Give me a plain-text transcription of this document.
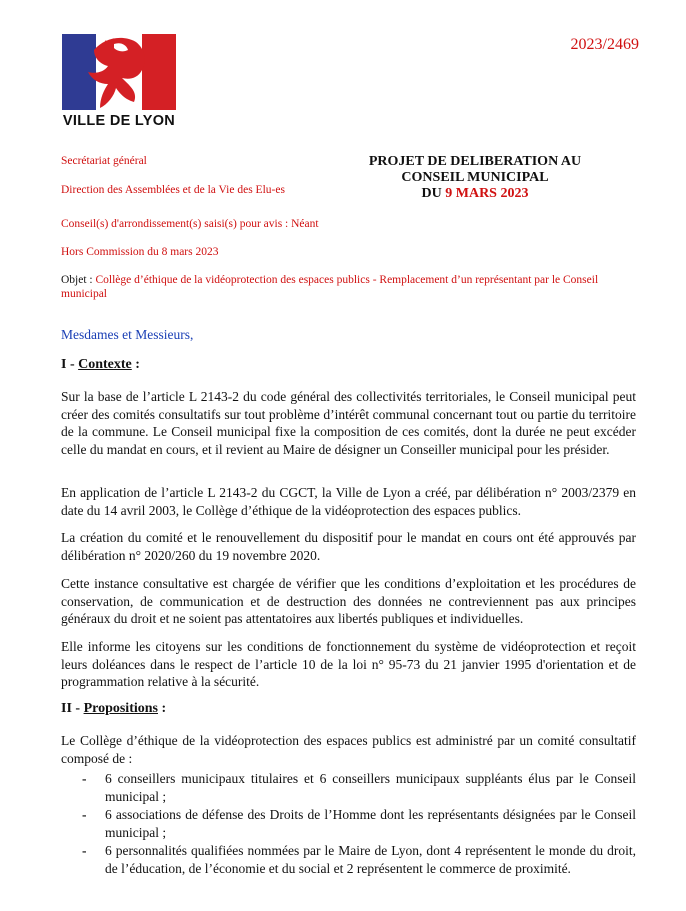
VILLE DE LYON
2023/2469
Secrétariat général
Direction des Assemblées et de la Vie des Elu-es
Conseil(s) d'arrondissement(s) saisi(s) pour avis : Néant
Hors Commission du 8 mars 2023
Objet : Collège d’éthique de la vidéoprotection des espaces publics - Remplacement d’un représentant par le Conseil municipal
PROJET DE DELIBERATION AU
CONSEIL MUNICIPAL
DU 9 MARS 2023
Mesdames et Messieurs,
I - Contexte :
Sur la base de l’article L 2143-2 du code général des collectivités territoriales, le Conseil municipal peut créer des comités consultatifs sur tout problème d’intérêt communal concernant tout ou partie du territoire de la commune. Le Conseil municipal fixe la composition de ces comités, dont la durée ne peut excéder celle du mandat en cours, et il revient au Maire de désigner un Conseiller municipal pour les présider.
En application de l’article L 2143-2 du CGCT, la Ville de Lyon a créé, par délibération n° 2003/2379 en date du 14 avril 2003, le Collège d’éthique de la vidéoprotection des espaces publics.
La création du comité et le renouvellement du dispositif pour le mandat en cours ont été approuvés par délibération n° 2020/260 du 19 novembre 2020.
Cette instance consultative est chargée de vérifier que les conditions d’exploitation et les procédures de conservation, de communication et de destruction des données ne contreviennent pas aux principes généraux du droit et ne soient pas attentatoires aux libertés publiques et individuelles.
Elle informe les citoyens sur les conditions de fonctionnement du système de vidéoprotection et reçoit leurs doléances dans le respect de l’article 10 de la loi n° 95-73 du 21 janvier 1995 d'orientation et de programmation relative à la sécurité.
II - Propositions :
Le Collège d’éthique de la vidéoprotection des espaces publics est administré par un comité consultatif composé de :
- 6 conseillers municipaux titulaires et 6 conseillers municipaux suppléants élus par le Conseil municipal ;
- 6 associations de défense des Droits de l’Homme dont les représentants désignées par le Conseil municipal ;
- 6 personnalités qualifiées nommées par le Maire de Lyon, dont 4 représentent le monde du droit, de l’éducation, de l’économie et du social et 2 représentent le commerce de proximité.
